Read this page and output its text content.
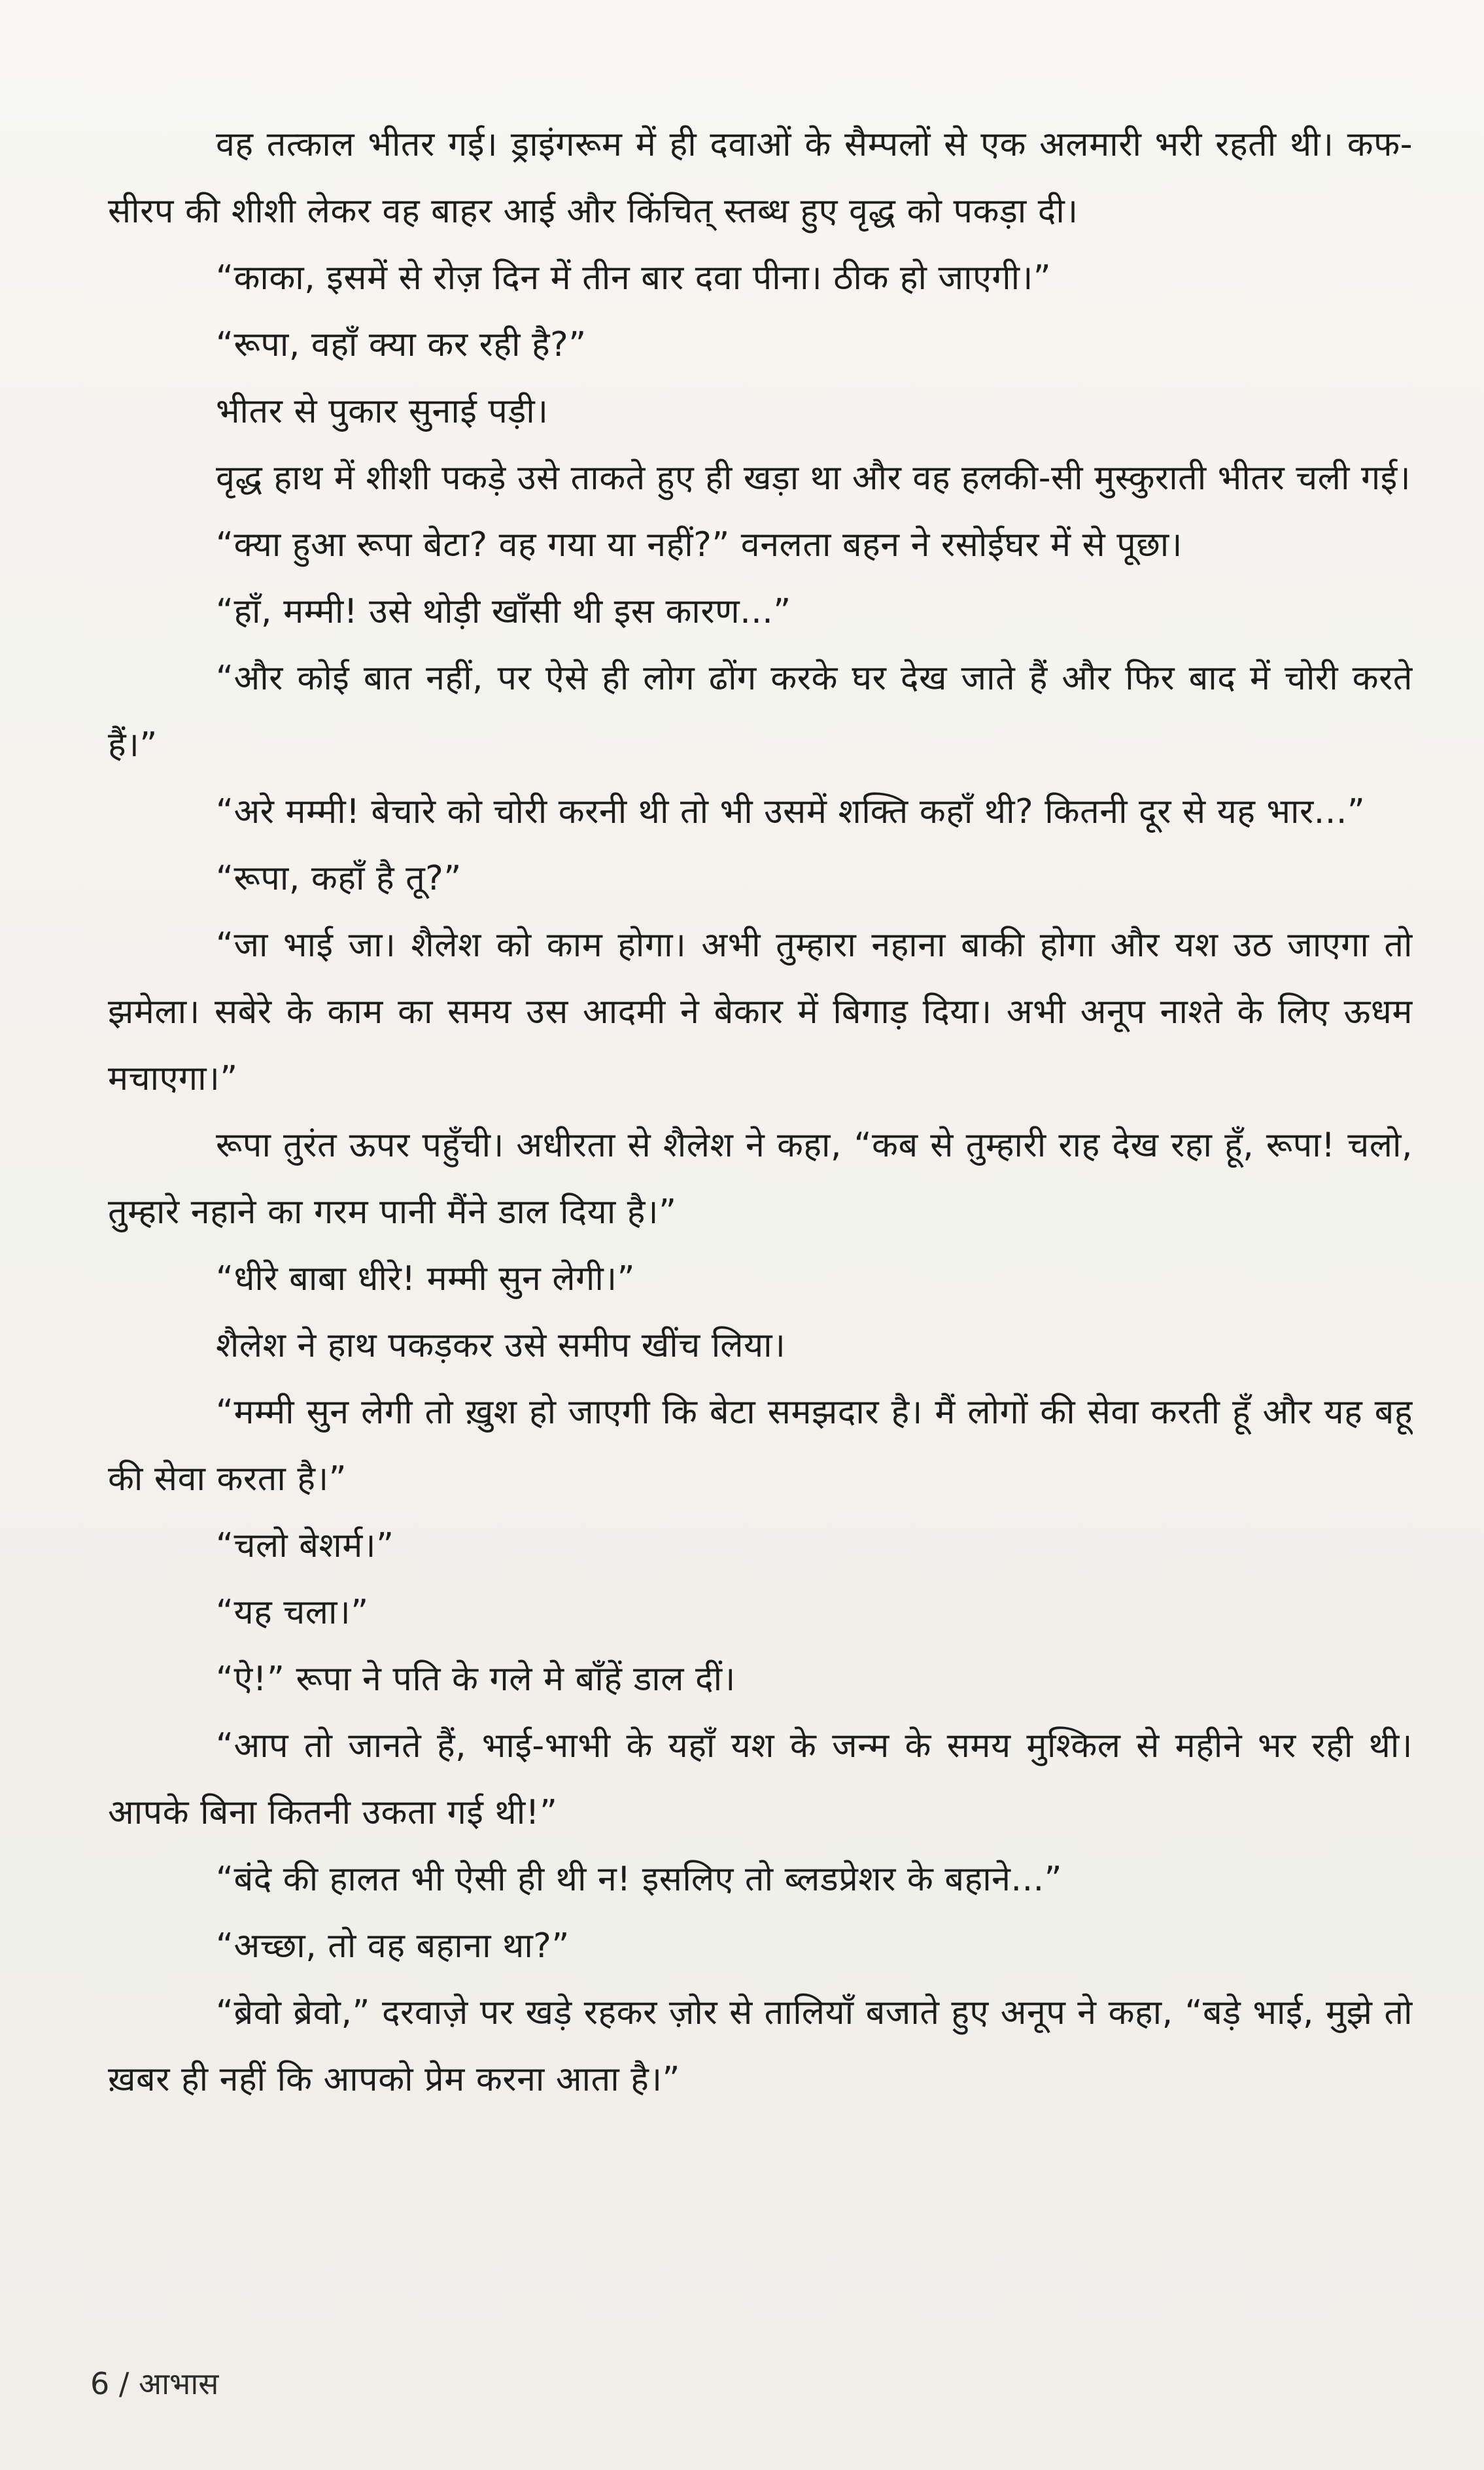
वह तत्काल भीतर गई। ड्राइंगरूम में ही दवाओं के सैम्पलों से एक अलमारी भरी रहती थी। कफ-सीरप की शीशी लेकर वह बाहर आई और किंचित् स्तब्ध हुए वृद्ध को पकड़ा दी।

“काका, इसमें से रोज़ दिन में तीन बार दवा पीना। ठीक हो जाएगी।”

“रूपा, वहाँ क्या कर रही है?”

भीतर से पुकार सुनाई पड़ी।

वृद्ध हाथ में शीशी पकड़े उसे ताकते हुए ही खड़ा था और वह हलकी-सी मुस्कुराती भीतर चली गई।

“क्या हुआ रूपा बेटा? वह गया या नहीं?” वनलता बहन ने रसोईघर में से पूछा।

“हाँ, मम्मी! उसे थोड़ी खाँसी थी इस कारण...”

“और कोई बात नहीं, पर ऐसे ही लोग ढोंग करके घर देख जाते हैं और फिर बाद में चोरी करते हैं।”

“अरे मम्मी! बेचारे को चोरी करनी थी तो भी उसमें शक्ति कहाँ थी? कितनी दूर से यह भार...”

“रूपा, कहाँ है तू?”

“जा भाई जा। शैलेश को काम होगा। अभी तुम्हारा नहाना बाकी होगा और यश उठ जाएगा तो झमेला। सबेरे के काम का समय उस आदमी ने बेकार में बिगाड़ दिया। अभी अनूप नाश्ते के लिए ऊधम मचाएगा।”

रूपा तुरंत ऊपर पहुँची। अधीरता से शैलेश ने कहा, “कब से तुम्हारी राह देख रहा हूँ, रूपा! चलो, तुम्हारे नहाने का गरम पानी मैंने डाल दिया है।”

“धीरे बाबा धीरे! मम्मी सुन लेगी।”

शैलेश ने हाथ पकड़कर उसे समीप खींच लिया।

“मम्मी सुन लेगी तो ख़ुश हो जाएगी कि बेटा समझदार है। मैं लोगों की सेवा करती हूँ और यह बहू की सेवा करता है।”

“चलो बेशर्म।”

“यह चला।”

“ऐ!” रूपा ने पति के गले मे बाँहें डाल दीं।

“आप तो जानते हैं, भाई-भाभी के यहाँ यश के जन्म के समय मुश्किल से महीने भर रही थी। आपके बिना कितनी उकता गई थी!”

“बंदे की हालत भी ऐसी ही थी न! इसलिए तो ब्लडप्रेशर के बहाने...”

“अच्छा, तो वह बहाना था?”

“ब्रेवो ब्रेवो,” दरवाज़े पर खड़े रहकर ज़ोर से तालियाँ बजाते हुए अनूप ने कहा, “बड़े भाई, मुझे तो ख़बर ही नहीं कि आपको प्रेम करना आता है।”

6 / आभास
